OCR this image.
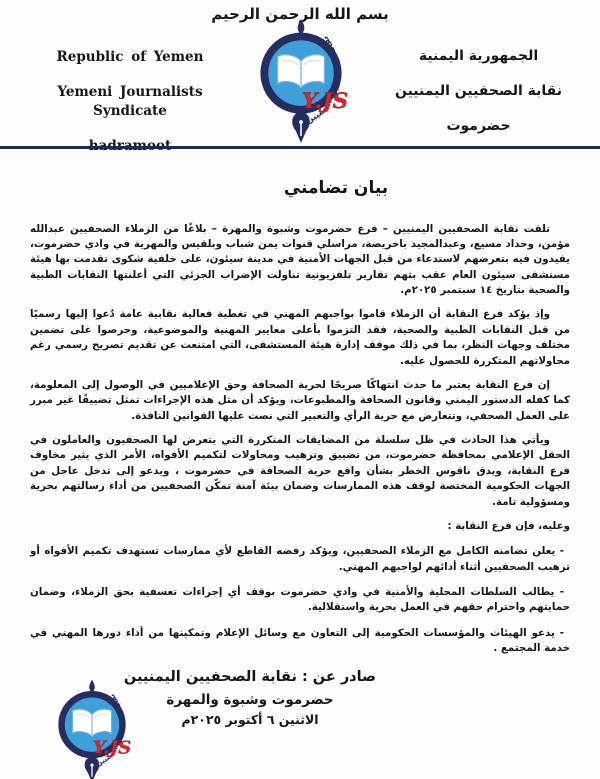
بسم الله الرحمن الرحيم
Republic of Yemen
Yemeni Journalists Syndicate
الجمهورية اليمنية
نقابة الصحفيين اليمنيين
حضرموت
بيان تضامني

تلقت نقابة الصحفيين اليمنيين – فرع حضرموت وشبوة والمهرة – بلاغًا من الزملاء الصحفيين عبدالله مؤمن، وحداد مسيع، وعبدالمجيد باخريصة، مراسلي قنوات يمن شباب وبلقيس والمهرية في وادي حضرموت، يفيدون فيه بتعرضهم لاستدعاء من قبل الجهات الأمنية في مدينة سيئون، على خلفية شكوى تقدمت بها هيئة مستشفى سيئون العام عقب بثهم تقارير تلفزيونية تناولت الإضراب الجزئي التي أعلنتها النقابات الطبية والصحية بتاريخ ١٤ سبتمبر ٢٠٢٥م.

وإذ يؤكد فرع النقابة أن الزملاء قاموا بواجبهم المهني في تغطية فعالية نقابية عامة دُعوا إليها رسميًا من قبل النقابات الطبية والصحية، فقد التزموا بأعلى معايير المهنية والموضوعية، وحرصوا على تضمين مختلف وجهات النظر، بما في ذلك موقف إدارة هيئة المستشفى، التي امتنعت عن تقديم تصريح رسمي رغم محاولاتهم المتكررة للحصول عليه.

إن فرع النقابة يعتبر ما حدث انتهاكًا صريحًا لحرية الصحافة وحق الإعلاميين في الوصول إلى المعلومة، كما كفله الدستور اليمني وقانون الصحافة والمطبوعات، ويؤكد أن مثل هذه الإجراءات تمثل تضييقًا غير مبرر على العمل الصحفي، وتتعارض مع حرية الرأي والتعبير التي نصت عليها القوانين النافذة.

ويأتي هذا الحادث في ظل سلسلة من المضايقات المتكررة التي يتعرض لها الصحفيون والعاملون في الحقل الإعلامي بمحافظة حضرموت، من تضييق وترهيب ومحاولات لتكميم الأفواه، الأمر الذي يثير مخاوف فرع النقابة، ويدق ناقوس الخطر بشأن واقع حرية الصحافة في حضرموت ، ويدعو إلى تدخل عاجل من الجهات الحكومية المختصة لوقف هذه الممارسات وضمان بيئة آمنة تمكّن الصحفيين من أداء رسالتهم بحرية ومسؤولية تامة.

وعليه، فإن فرع النقابة :

- يعلن تضامنه الكامل مع الزملاء الصحفيين، ويؤكد رفضه القاطع لأي ممارسات تستهدف تكميم الأفواه أو ترهيب الصحفيين أثناء أدائهم لواجبهم المهني.

- يطالب السلطات المحلية والأمنية في وادي حضرموت بوقف أي إجراءات تعسفية بحق الزملاء، وضمان حمايتهم واحترام حقهم في العمل بحرية واستقلالية.

- يدعو الهيئات والمؤسسات الحكومية إلى التعاون مع وسائل الإعلام وتمكينها من أداء دورها المهني في خدمة المجتمع .

صادر عن : نقابة الصحفيين اليمنيين

حضرموت وشبوة والمهرة

الاثنين ٦ أكتوبر ٢٠٢٥م
